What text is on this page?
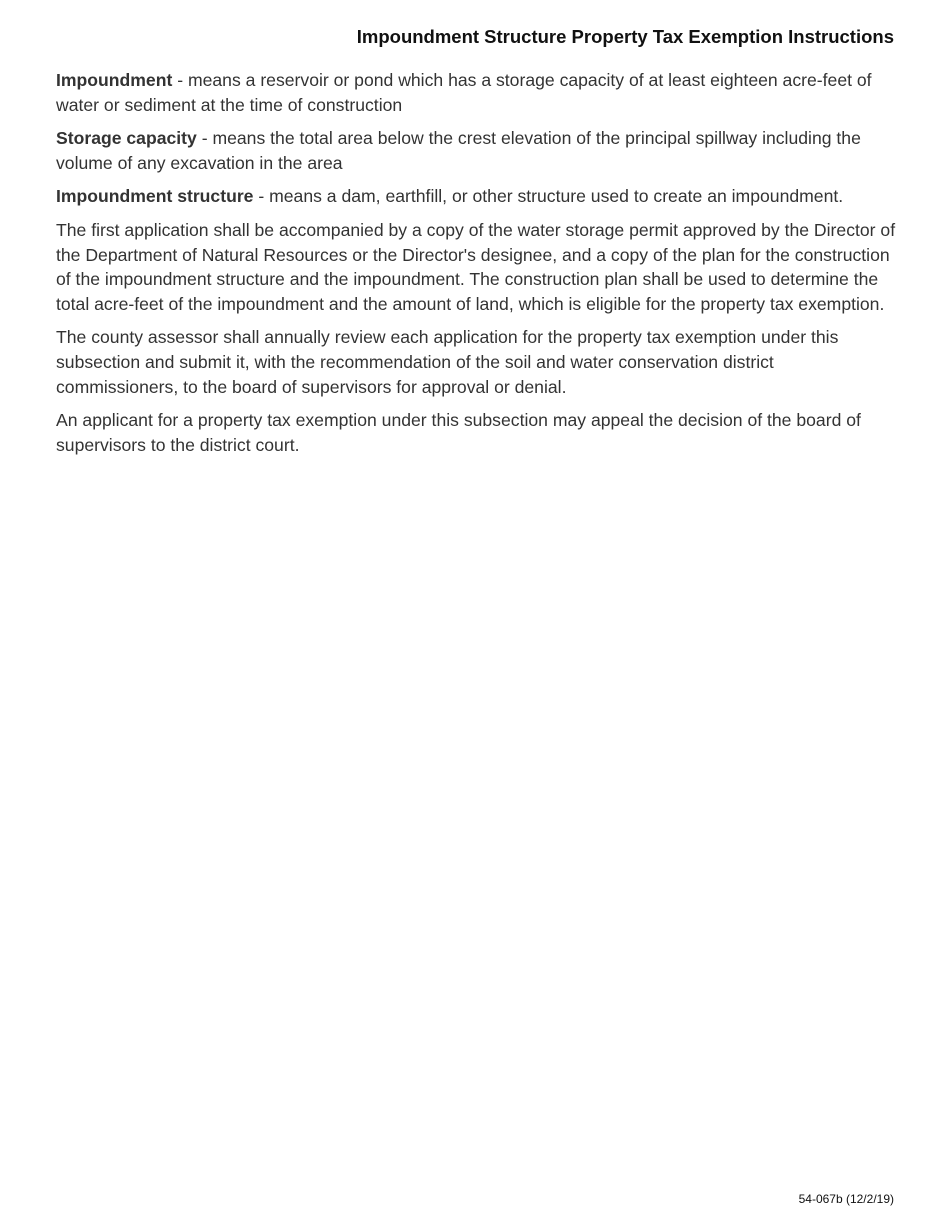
Impoundment Structure Property Tax Exemption Instructions

Impoundment - means a reservoir or pond which has a storage capacity of at least eighteen acre-feet of water or sediment at the time of construction

Storage capacity - means the total area below the crest elevation of the principal spillway including the volume of any excavation in the area

Impoundment structure - means a dam, earthfill, or other structure used to create an impoundment.

The first application shall be accompanied by a copy of the water storage permit approved by the Director of the Department of Natural Resources or the Director's designee, and a copy of the plan for the construction of the impoundment structure and the impoundment. The construction plan shall be used to determine the total acre-feet of the impoundment and the amount of land, which is eligible for the property tax exemption.

The county assessor shall annually review each application for the property tax exemption under this subsection and submit it, with the recommendation of the soil and water conservation district commissioners, to the board of supervisors for approval or denial.

An applicant for a property tax exemption under this subsection may appeal the decision of the board of supervisors to the district court.

54-067b (12/2/19)
